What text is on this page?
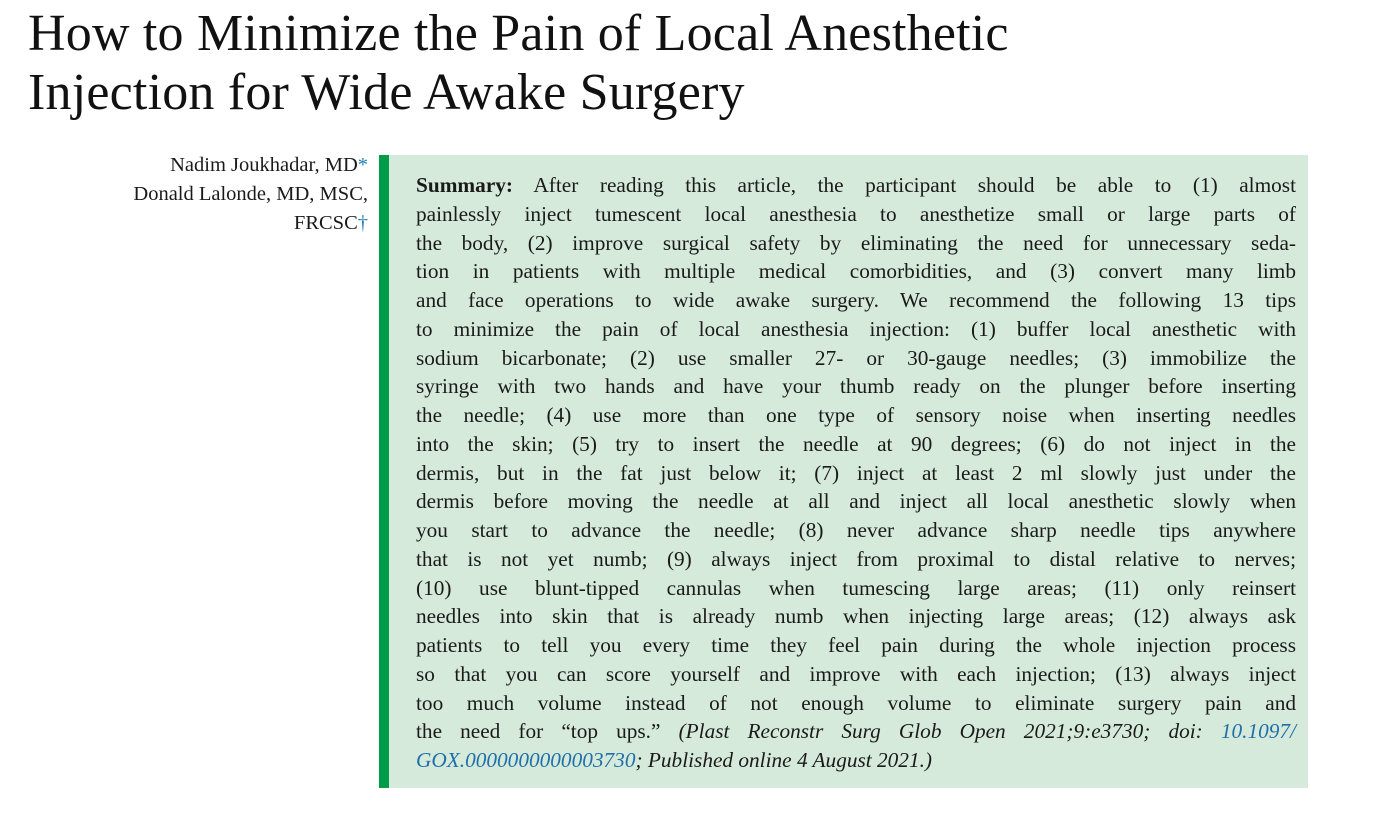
How to Minimize the Pain of Local Anesthetic
Injection for Wide Awake Surgery
Nadim Joukhadar, MD*
Donald Lalonde, MD, MSC,
FRCSC†
Summary: After reading this article, the participant should be able to (1) almost
painlessly inject tumescent local anesthesia to anesthetize small or large parts of
the body, (2) improve surgical safety by eliminating the need for unnecessary seda-
tion in patients with multiple medical comorbidities, and (3) convert many limb
and face operations to wide awake surgery. We recommend the following 13 tips
to minimize the pain of local anesthesia injection: (1) buffer local anesthetic with
sodium bicarbonate; (2) use smaller 27- or 30-gauge needles; (3) immobilize the
syringe with two hands and have your thumb ready on the plunger before inserting
the needle; (4) use more than one type of sensory noise when inserting needles
into the skin; (5) try to insert the needle at 90 degrees; (6) do not inject in the
dermis, but in the fat just below it; (7) inject at least 2 ml slowly just under the
dermis before moving the needle at all and inject all local anesthetic slowly when
you start to advance the needle; (8) never advance sharp needle tips anywhere
that is not yet numb; (9) always inject from proximal to distal relative to nerves;
(10) use blunt-tipped cannulas when tumescing large areas; (11) only reinsert
needles into skin that is already numb when injecting large areas; (12) always ask
patients to tell you every time they feel pain during the whole injection process
so that you can score yourself and improve with each injection; (13) always inject
too much volume instead of not enough volume to eliminate surgery pain and
the need for “top ups.” (Plast Reconstr Surg Glob Open 2021;9:e3730; doi: 10.1097/
GOX.0000000000003730; Published online 4 August 2021.)
